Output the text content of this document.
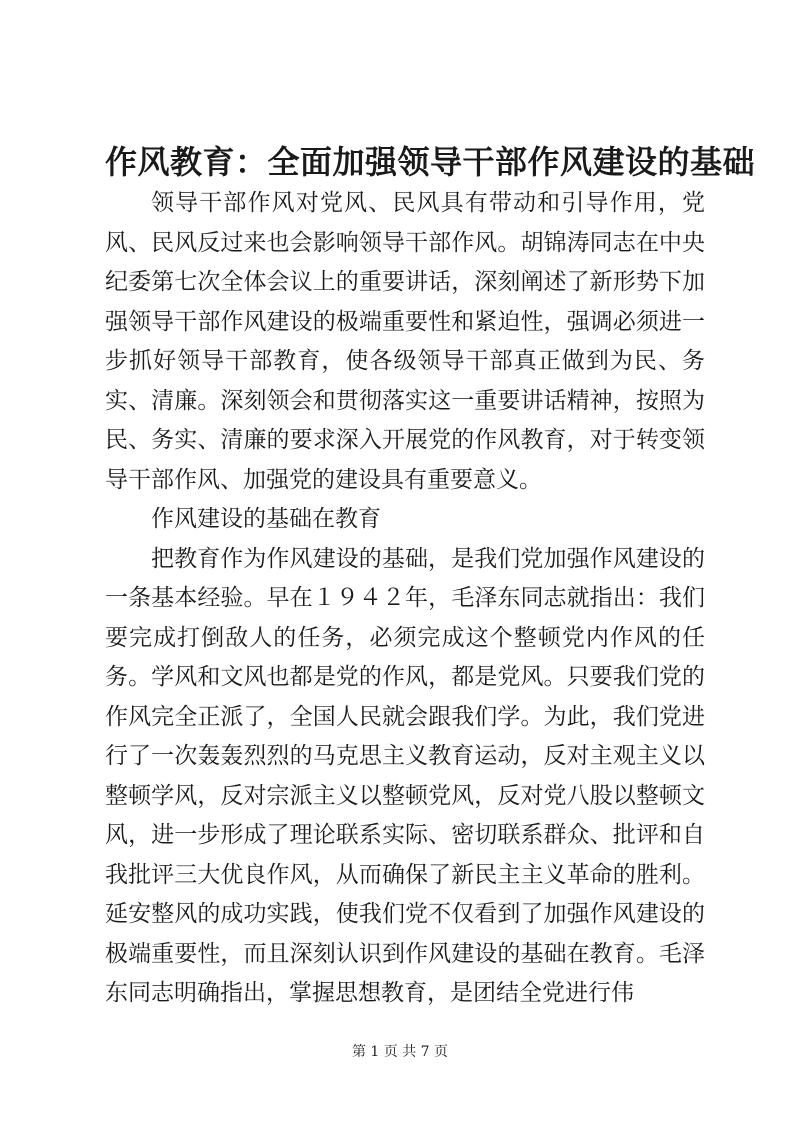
作风教育：全面加强领导干部作风建设的基础

领导干部作风对党风、民风具有带动和引导作用，党风、民风反过来也会影响领导干部作风。胡锦涛同志在中央纪委第七次全体会议上的重要讲话，深刻阐述了新形势下加强领导干部作风建设的极端重要性和紧迫性，强调必须进一步抓好领导干部教育，使各级领导干部真正做到为民、务实、清廉。深刻领会和贯彻落实这一重要讲话精神，按照为民、务实、清廉的要求深入开展党的作风教育，对于转变领导干部作风、加强党的建设具有重要意义。

作风建设的基础在教育

把教育作为作风建设的基础，是我们党加强作风建设的一条基本经验。早在１９４２年，毛泽东同志就指出：我们要完成打倒敌人的任务，必须完成这个整顿党内作风的任务。学风和文风也都是党的作风，都是党风。只要我们党的作风完全正派了，全国人民就会跟我们学。为此，我们党进行了一次轰轰烈烈的马克思主义教育运动，反对主观主义以整顿学风，反对宗派主义以整顿党风，反对党八股以整顿文风，进一步形成了理论联系实际、密切联系群众、批评和自我批评三大优良作风，从而确保了新民主主义革命的胜利。延安整风的成功实践，使我们党不仅看到了加强作风建设的极端重要性，而且深刻认识到作风建设的基础在教育。毛泽东同志明确指出，掌握思想教育，是团结全党进行伟

第 1 页 共 7 页
